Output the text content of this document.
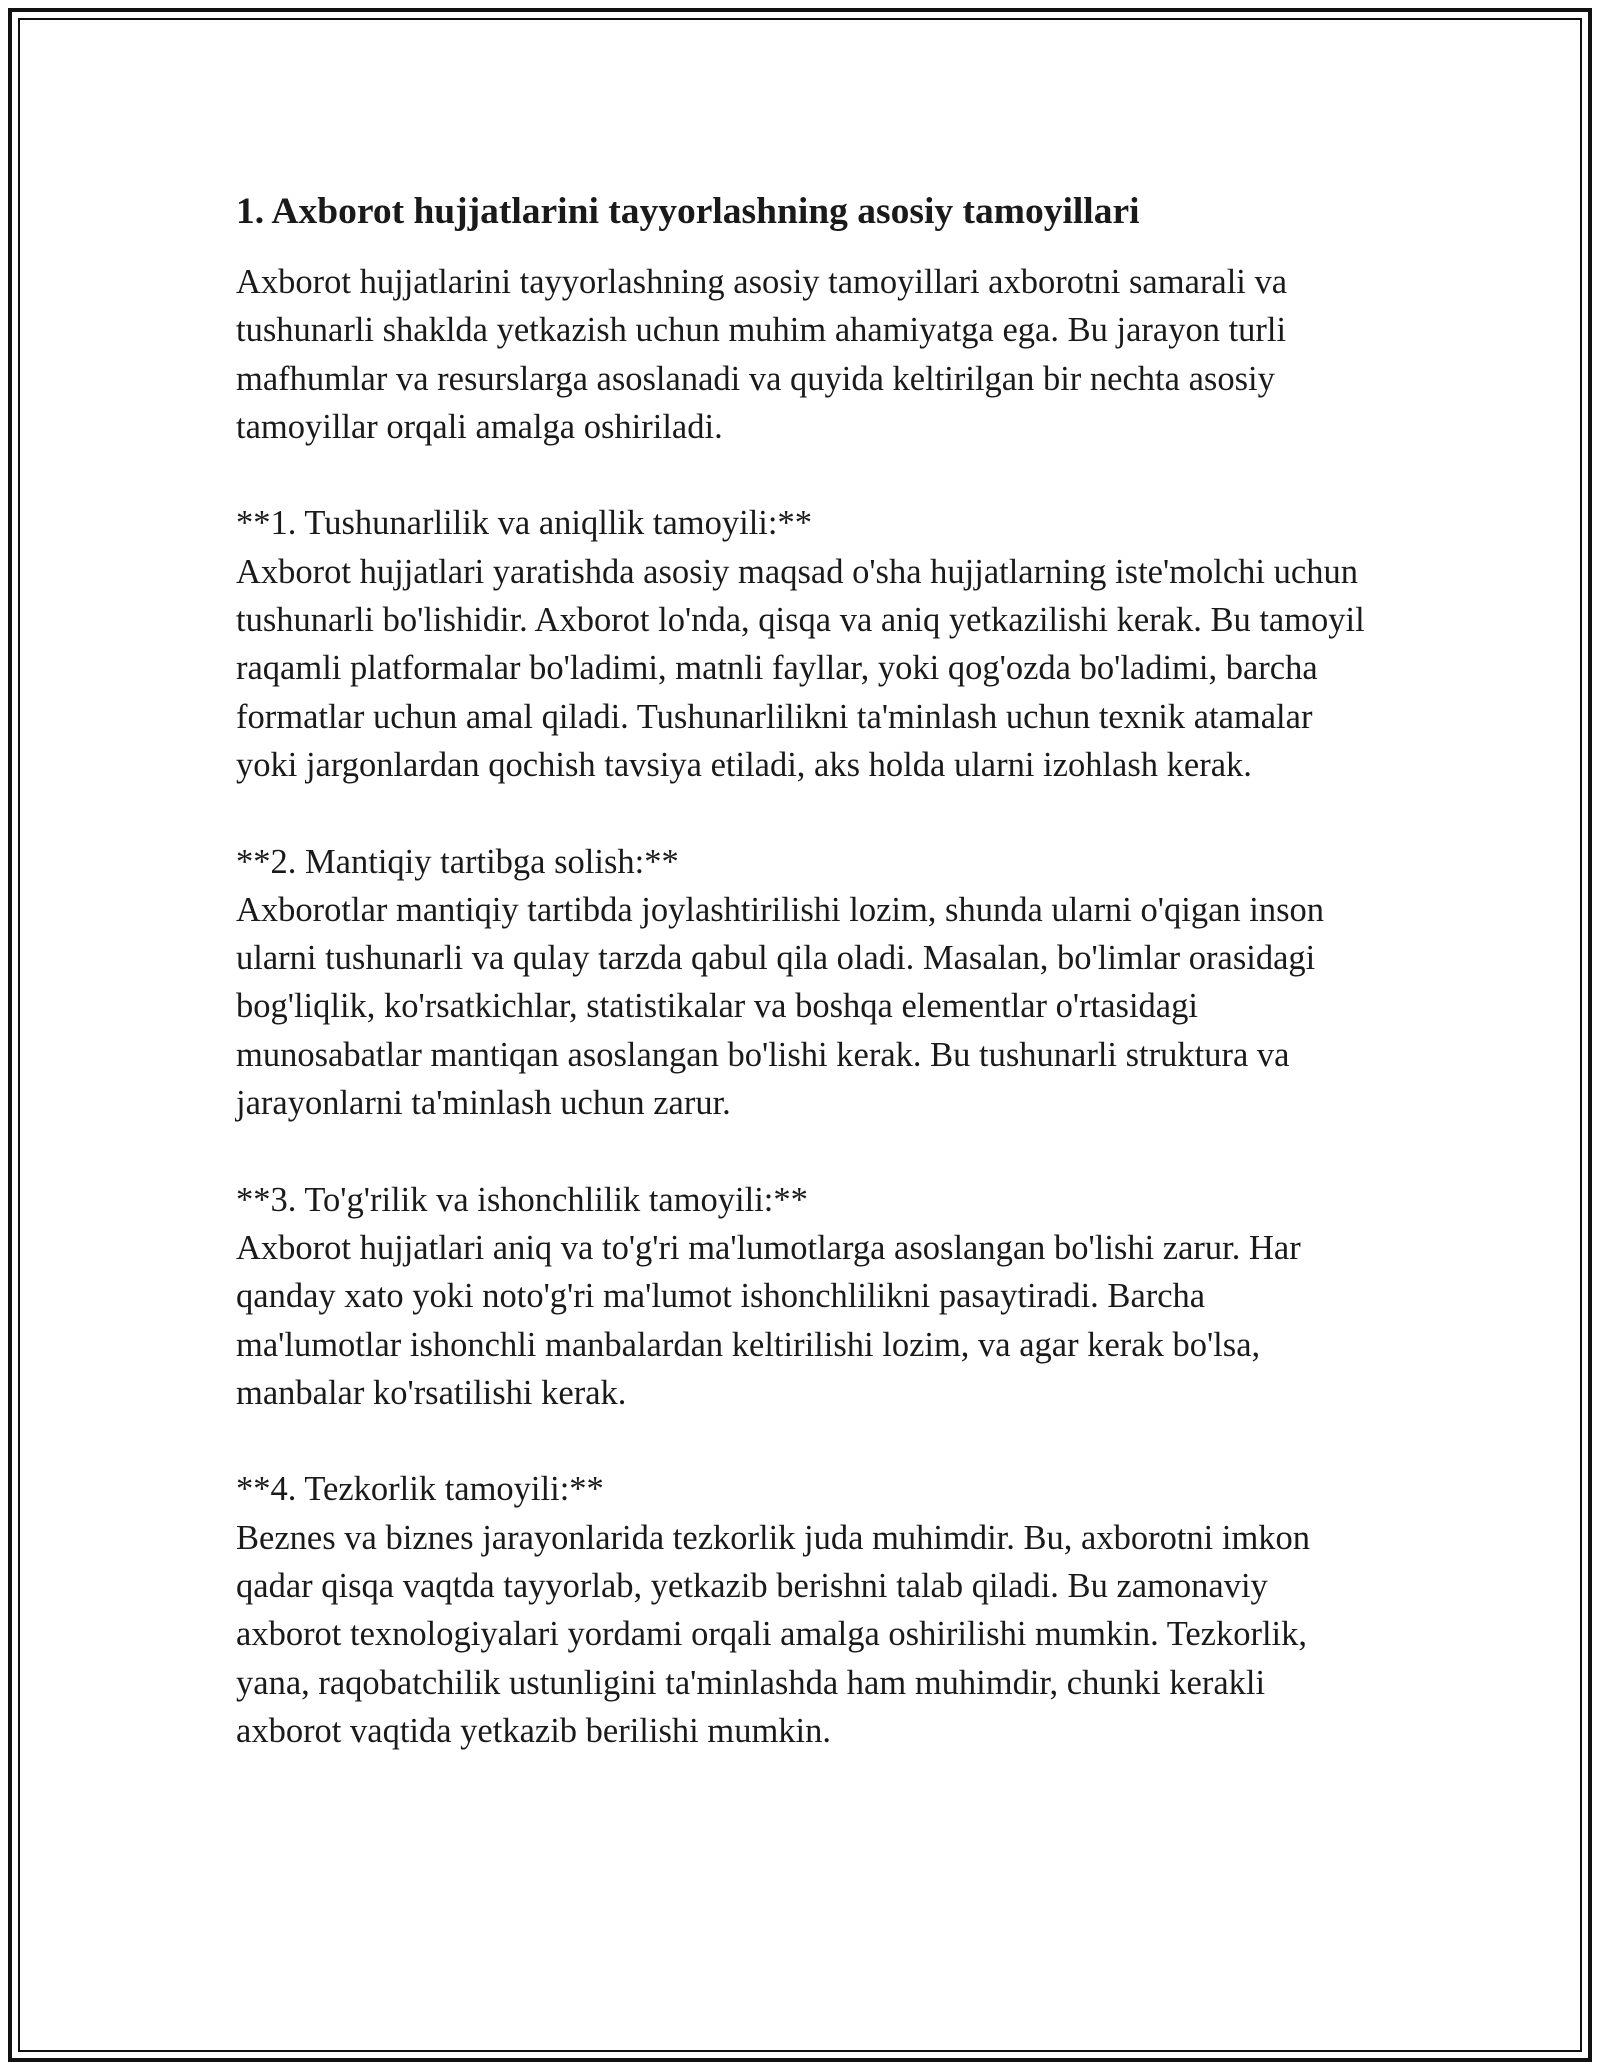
1. Axborot hujjatlarini tayyorlashning asosiy tamoyillari

Axborot hujjatlarini tayyorlashning asosiy tamoyillari axborotni samarali va tushunarli shaklda yetkazish uchun muhim ahamiyatga ega. Bu jarayon turli mafhumlar va resurslarga asoslanadi va quyida keltirilgan bir nechta asosiy tamoyillar orqali amalga oshiriladi.

**1. Tushunarlilik va aniqllik tamoyili:**
Axborot hujjatlari yaratishda asosiy maqsad o'sha hujjatlarning iste'molchi uchun tushunarli bo'lishidir. Axborot lo'nda, qisqa va aniq yetkazilishi kerak. Bu tamoyil raqamli platformalar bo'ladimi, matnli fayllar, yoki qog'ozda bo'ladimi, barcha formatlar uchun amal qiladi. Tushunarlilikni ta'minlash uchun texnik atamalar yoki jargonlardan qochish tavsiya etiladi, aks holda ularni izohlash kerak.

**2. Mantiqiy tartibga solish:**
Axborotlar mantiqiy tartibda joylashtirilishi lozim, shunda ularni o'qigan inson ularni tushunarli va qulay tarzda qabul qila oladi. Masalan, bo'limlar orasidagi bog'liqlik, ko'rsatkichlar, statistikalar va boshqa elementlar o'rtasidagi munosabatlar mantiqan asoslangan bo'lishi kerak. Bu tushunarli struktura va jarayonlarni ta'minlash uchun zarur.

**3. To'g'rilik va ishonchlilik tamoyili:**
Axborot hujjatlari aniq va to'g'ri ma'lumotlarga asoslangan bo'lishi zarur. Har qanday xato yoki noto'g'ri ma'lumot ishonchlilikni pasaytiradi. Barcha ma'lumotlar ishonchli manbalardan keltirilishi lozim, va agar kerak bo'lsa, manbalar ko'rsatilishi kerak.

**4. Tezkorlik tamoyili:**
Beznes va biznes jarayonlarida tezkorlik juda muhimdir. Bu, axborotni imkon qadar qisqa vaqtda tayyorlab, yetkazib berishni talab qiladi. Bu zamonaviy axborot texnologiyalari yordami orqali amalga oshirilishi mumkin. Tezkorlik, yana, raqobatchilik ustunligini ta'minlashda ham muhimdir, chunki kerakli axborot vaqtida yetkazib berilishi mumkin.
